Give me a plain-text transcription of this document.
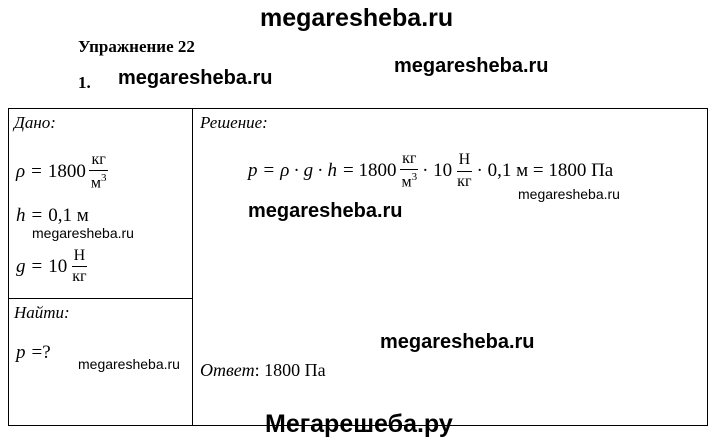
megaresheba.ru
Упражнение 22
1. megaresheba.ru
megaresheba.ru
Дано:
$\rho = 1800 \frac{кг}{м^3}$
h = 0,1 м
megaresheba.ru
$g = 10 \frac{Н}{кг}$
Найти:
p =?
megaresheba.ru
Решение:
$p = \rho \cdot g \cdot h = 1800 \frac{кг}{м^3} \cdot 10 \frac{Н}{кг} \cdot 0,1$ м = 1800 Па
megaresheba.ru
megaresheba.ru
megaresheba.ru
Ответ: 1800 Па
Мегарешеба.ру
